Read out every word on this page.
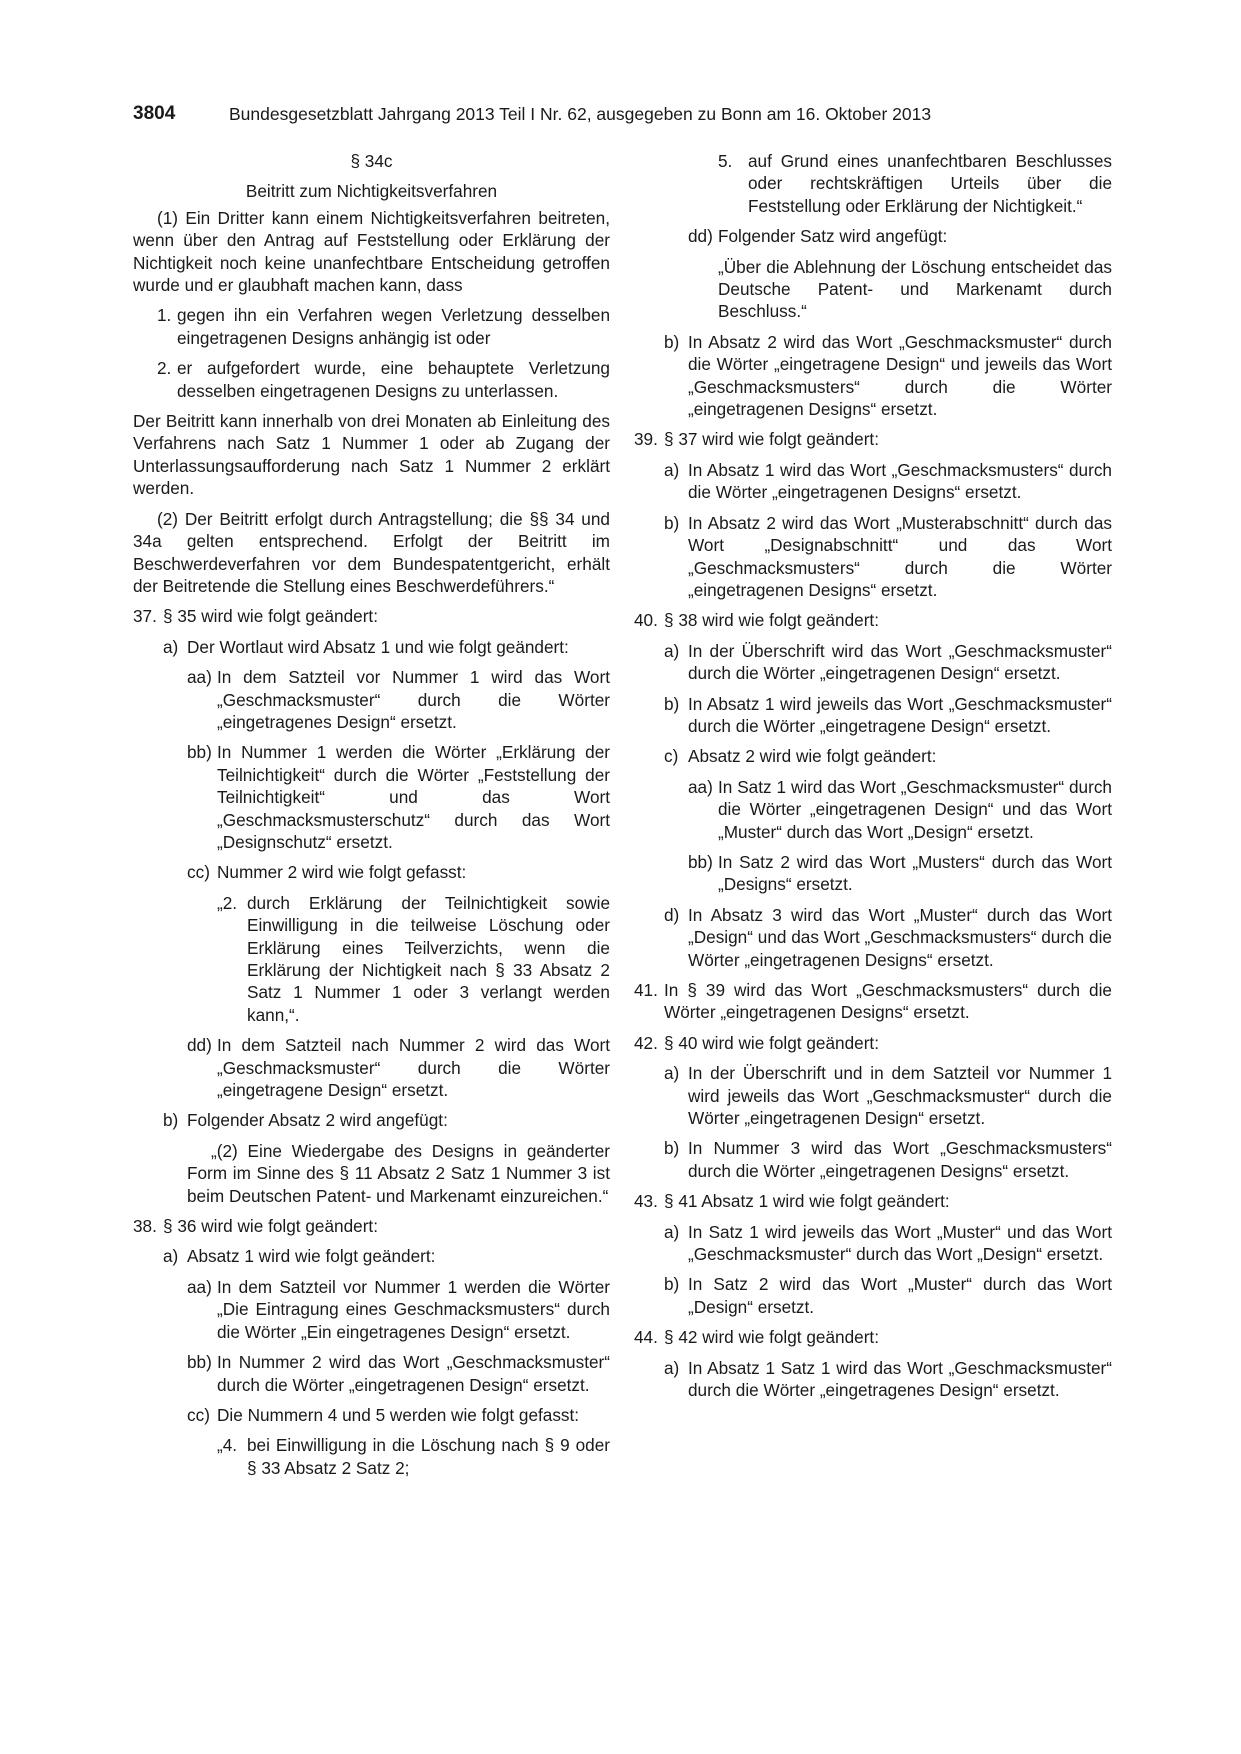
3804	Bundesgesetzblatt Jahrgang 2013 Teil I Nr. 62, ausgegeben zu Bonn am 16. Oktober 2013
§ 34c
Beitritt zum Nichtigkeitsverfahren
(1) Ein Dritter kann einem Nichtigkeitsverfahren beitreten, wenn über den Antrag auf Feststellung oder Erklärung der Nichtigkeit noch keine unanfechtbare Entscheidung getroffen wurde und er glaubhaft machen kann, dass
1. gegen ihn ein Verfahren wegen Verletzung desselben eingetragenen Designs anhängig ist oder
2. er aufgefordert wurde, eine behauptete Verletzung desselben eingetragenen Designs zu unterlassen.
Der Beitritt kann innerhalb von drei Monaten ab Einleitung des Verfahrens nach Satz 1 Nummer 1 oder ab Zugang der Unterlassungsaufforderung nach Satz 1 Nummer 2 erklärt werden.
(2) Der Beitritt erfolgt durch Antragstellung; die §§ 34 und 34a gelten entsprechend. Erfolgt der Beitritt im Beschwerdeverfahren vor dem Bundespatentgericht, erhält der Beitretende die Stellung eines Beschwerdeführers.“
37. § 35 wird wie folgt geändert:
a) Der Wortlaut wird Absatz 1 und wie folgt geändert:
aa) In dem Satzteil vor Nummer 1 wird das Wort „Geschmacksmuster“ durch die Wörter „eingetragenes Design“ ersetzt.
bb) In Nummer 1 werden die Wörter „Erklärung der Teilnichtigkeit“ durch die Wörter „Feststellung der Teilnichtigkeit“ und das Wort „Geschmacksmusterschutz“ durch das Wort „Designschutz“ ersetzt.
cc) Nummer 2 wird wie folgt gefasst:
„2. durch Erklärung der Teilnichtigkeit sowie Einwilligung in die teilweise Löschung oder Erklärung eines Teilverzichts, wenn die Erklärung der Nichtigkeit nach § 33 Absatz 2 Satz 1 Nummer 1 oder 3 verlangt werden kann,“.
dd) In dem Satzteil nach Nummer 2 wird das Wort „Geschmacksmuster“ durch die Wörter „eingetragene Design“ ersetzt.
b) Folgender Absatz 2 wird angefügt:
„(2) Eine Wiedergabe des Designs in geänderter Form im Sinne des § 11 Absatz 2 Satz 1 Nummer 3 ist beim Deutschen Patent- und Markenamt einzureichen.“
38. § 36 wird wie folgt geändert:
a) Absatz 1 wird wie folgt geändert:
aa) In dem Satzteil vor Nummer 1 werden die Wörter „Die Eintragung eines Geschmacksmusters“ durch die Wörter „Ein eingetragenes Design“ ersetzt.
bb) In Nummer 2 wird das Wort „Geschmacksmuster“ durch die Wörter „eingetragenen Design“ ersetzt.
cc) Die Nummern 4 und 5 werden wie folgt gefasst:
„4. bei Einwilligung in die Löschung nach § 9 oder § 33 Absatz 2 Satz 2;
5. auf Grund eines unanfechtbaren Beschlusses oder rechtskräftigen Urteils über die Feststellung oder Erklärung der Nichtigkeit.“
dd) Folgender Satz wird angefügt:
„Über die Ablehnung der Löschung entscheidet das Deutsche Patent- und Markenamt durch Beschluss.“
b) In Absatz 2 wird das Wort „Geschmacksmuster“ durch die Wörter „eingetragene Design“ und jeweils das Wort „Geschmacksmusters“ durch die Wörter „eingetragenen Designs“ ersetzt.
39. § 37 wird wie folgt geändert:
a) In Absatz 1 wird das Wort „Geschmacksmusters“ durch die Wörter „eingetragenen Designs“ ersetzt.
b) In Absatz 2 wird das Wort „Musterabschnitt“ durch das Wort „Designabschnitt“ und das Wort „Geschmacksmusters“ durch die Wörter „eingetragenen Designs“ ersetzt.
40. § 38 wird wie folgt geändert:
a) In der Überschrift wird das Wort „Geschmacksmuster“ durch die Wörter „eingetragenen Design“ ersetzt.
b) In Absatz 1 wird jeweils das Wort „Geschmacksmuster“ durch die Wörter „eingetragene Design“ ersetzt.
c) Absatz 2 wird wie folgt geändert:
aa) In Satz 1 wird das Wort „Geschmacksmuster“ durch die Wörter „eingetragenen Design“ und das Wort „Muster“ durch das Wort „Design“ ersetzt.
bb) In Satz 2 wird das Wort „Musters“ durch das Wort „Designs“ ersetzt.
d) In Absatz 3 wird das Wort „Muster“ durch das Wort „Design“ und das Wort „Geschmacksmusters“ durch die Wörter „eingetragenen Designs“ ersetzt.
41. In § 39 wird das Wort „Geschmacksmusters“ durch die Wörter „eingetragenen Designs“ ersetzt.
42. § 40 wird wie folgt geändert:
a) In der Überschrift und in dem Satzteil vor Nummer 1 wird jeweils das Wort „Geschmacksmuster“ durch die Wörter „eingetragenen Design“ ersetzt.
b) In Nummer 3 wird das Wort „Geschmacksmusters“ durch die Wörter „eingetragenen Designs“ ersetzt.
43. § 41 Absatz 1 wird wie folgt geändert:
a) In Satz 1 wird jeweils das Wort „Muster“ und das Wort „Geschmacksmuster“ durch das Wort „Design“ ersetzt.
b) In Satz 2 wird das Wort „Muster“ durch das Wort „Design“ ersetzt.
44. § 42 wird wie folgt geändert:
a) In Absatz 1 Satz 1 wird das Wort „Geschmacksmuster“ durch die Wörter „eingetragenes Design“ ersetzt.
